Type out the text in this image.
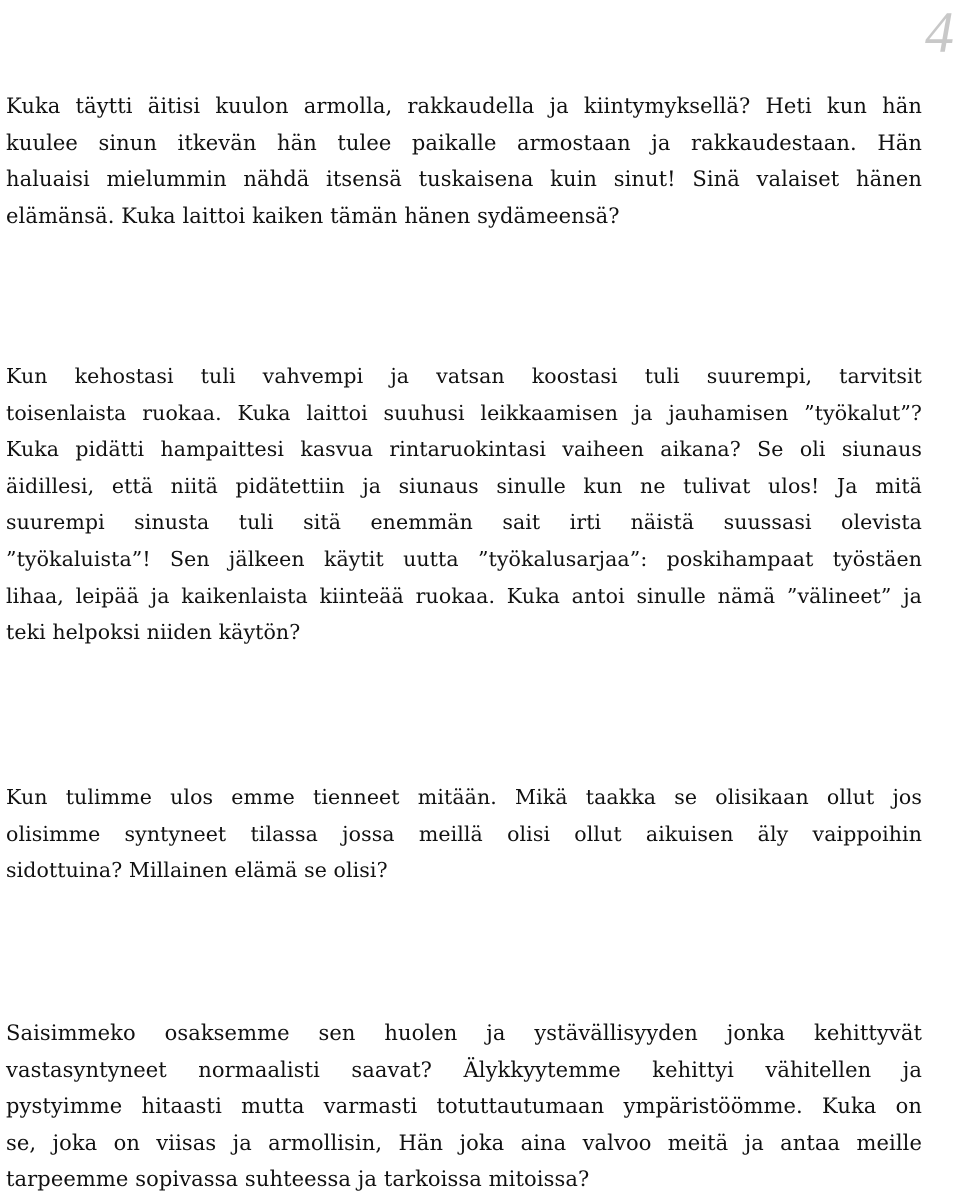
4

Kuka täytti äitisi kuulon armolla, rakkaudella ja kiintymyksellä? Heti kun hän
kuulee sinun itkevän hän tulee paikalle armostaan ja rakkaudestaan. Hän
haluaisi mielummin nähdä itsensä tuskaisena kuin sinut! Sinä valaiset hänen
elämänsä. Kuka laittoi kaiken tämän hänen sydämeensä?

Kun kehostasi tuli vahvempi ja vatsan koostasi tuli suurempi, tarvitsit
toisenlaista ruokaa. Kuka laittoi suuhusi leikkaamisen ja jauhamisen ”työkalut”?
Kuka pidätti hampaittesi kasvua rintaruokintasi vaiheen aikana? Se oli siunaus
äidillesi, että niitä pidätettiin ja siunaus sinulle kun ne tulivat ulos! Ja mitä
suurempi sinusta tuli sitä enemmän sait irti näistä suussasi olevista
”työkaluista”! Sen jälkeen käytit uutta ”työkalusarjaa”: poskihampaat työstäen
lihaa, leipää ja kaikenlaista kiinteää ruokaa. Kuka antoi sinulle nämä ”välineet” ja
teki helpoksi niiden käytön?

Kun tulimme ulos emme tienneet mitään. Mikä taakka se olisikaan ollut jos
olisimme syntyneet tilassa jossa meillä olisi ollut aikuisen äly vaippoihin
sidottuina? Millainen elämä se olisi?

Saisimmeko osaksemme sen huolen ja ystävällisyyden jonka kehittyvät
vastasyntyneet normaalisti saavat? Älykkyytemme kehittyi vähitellen ja
pystyimme hitaasti mutta varmasti totuttautumaan ympäristöömme. Kuka on
se, joka on viisas ja armollisin, Hän joka aina valvoo meitä ja antaa meille
tarpeemme sopivassa suhteessa ja tarkoissa mitoissa?
